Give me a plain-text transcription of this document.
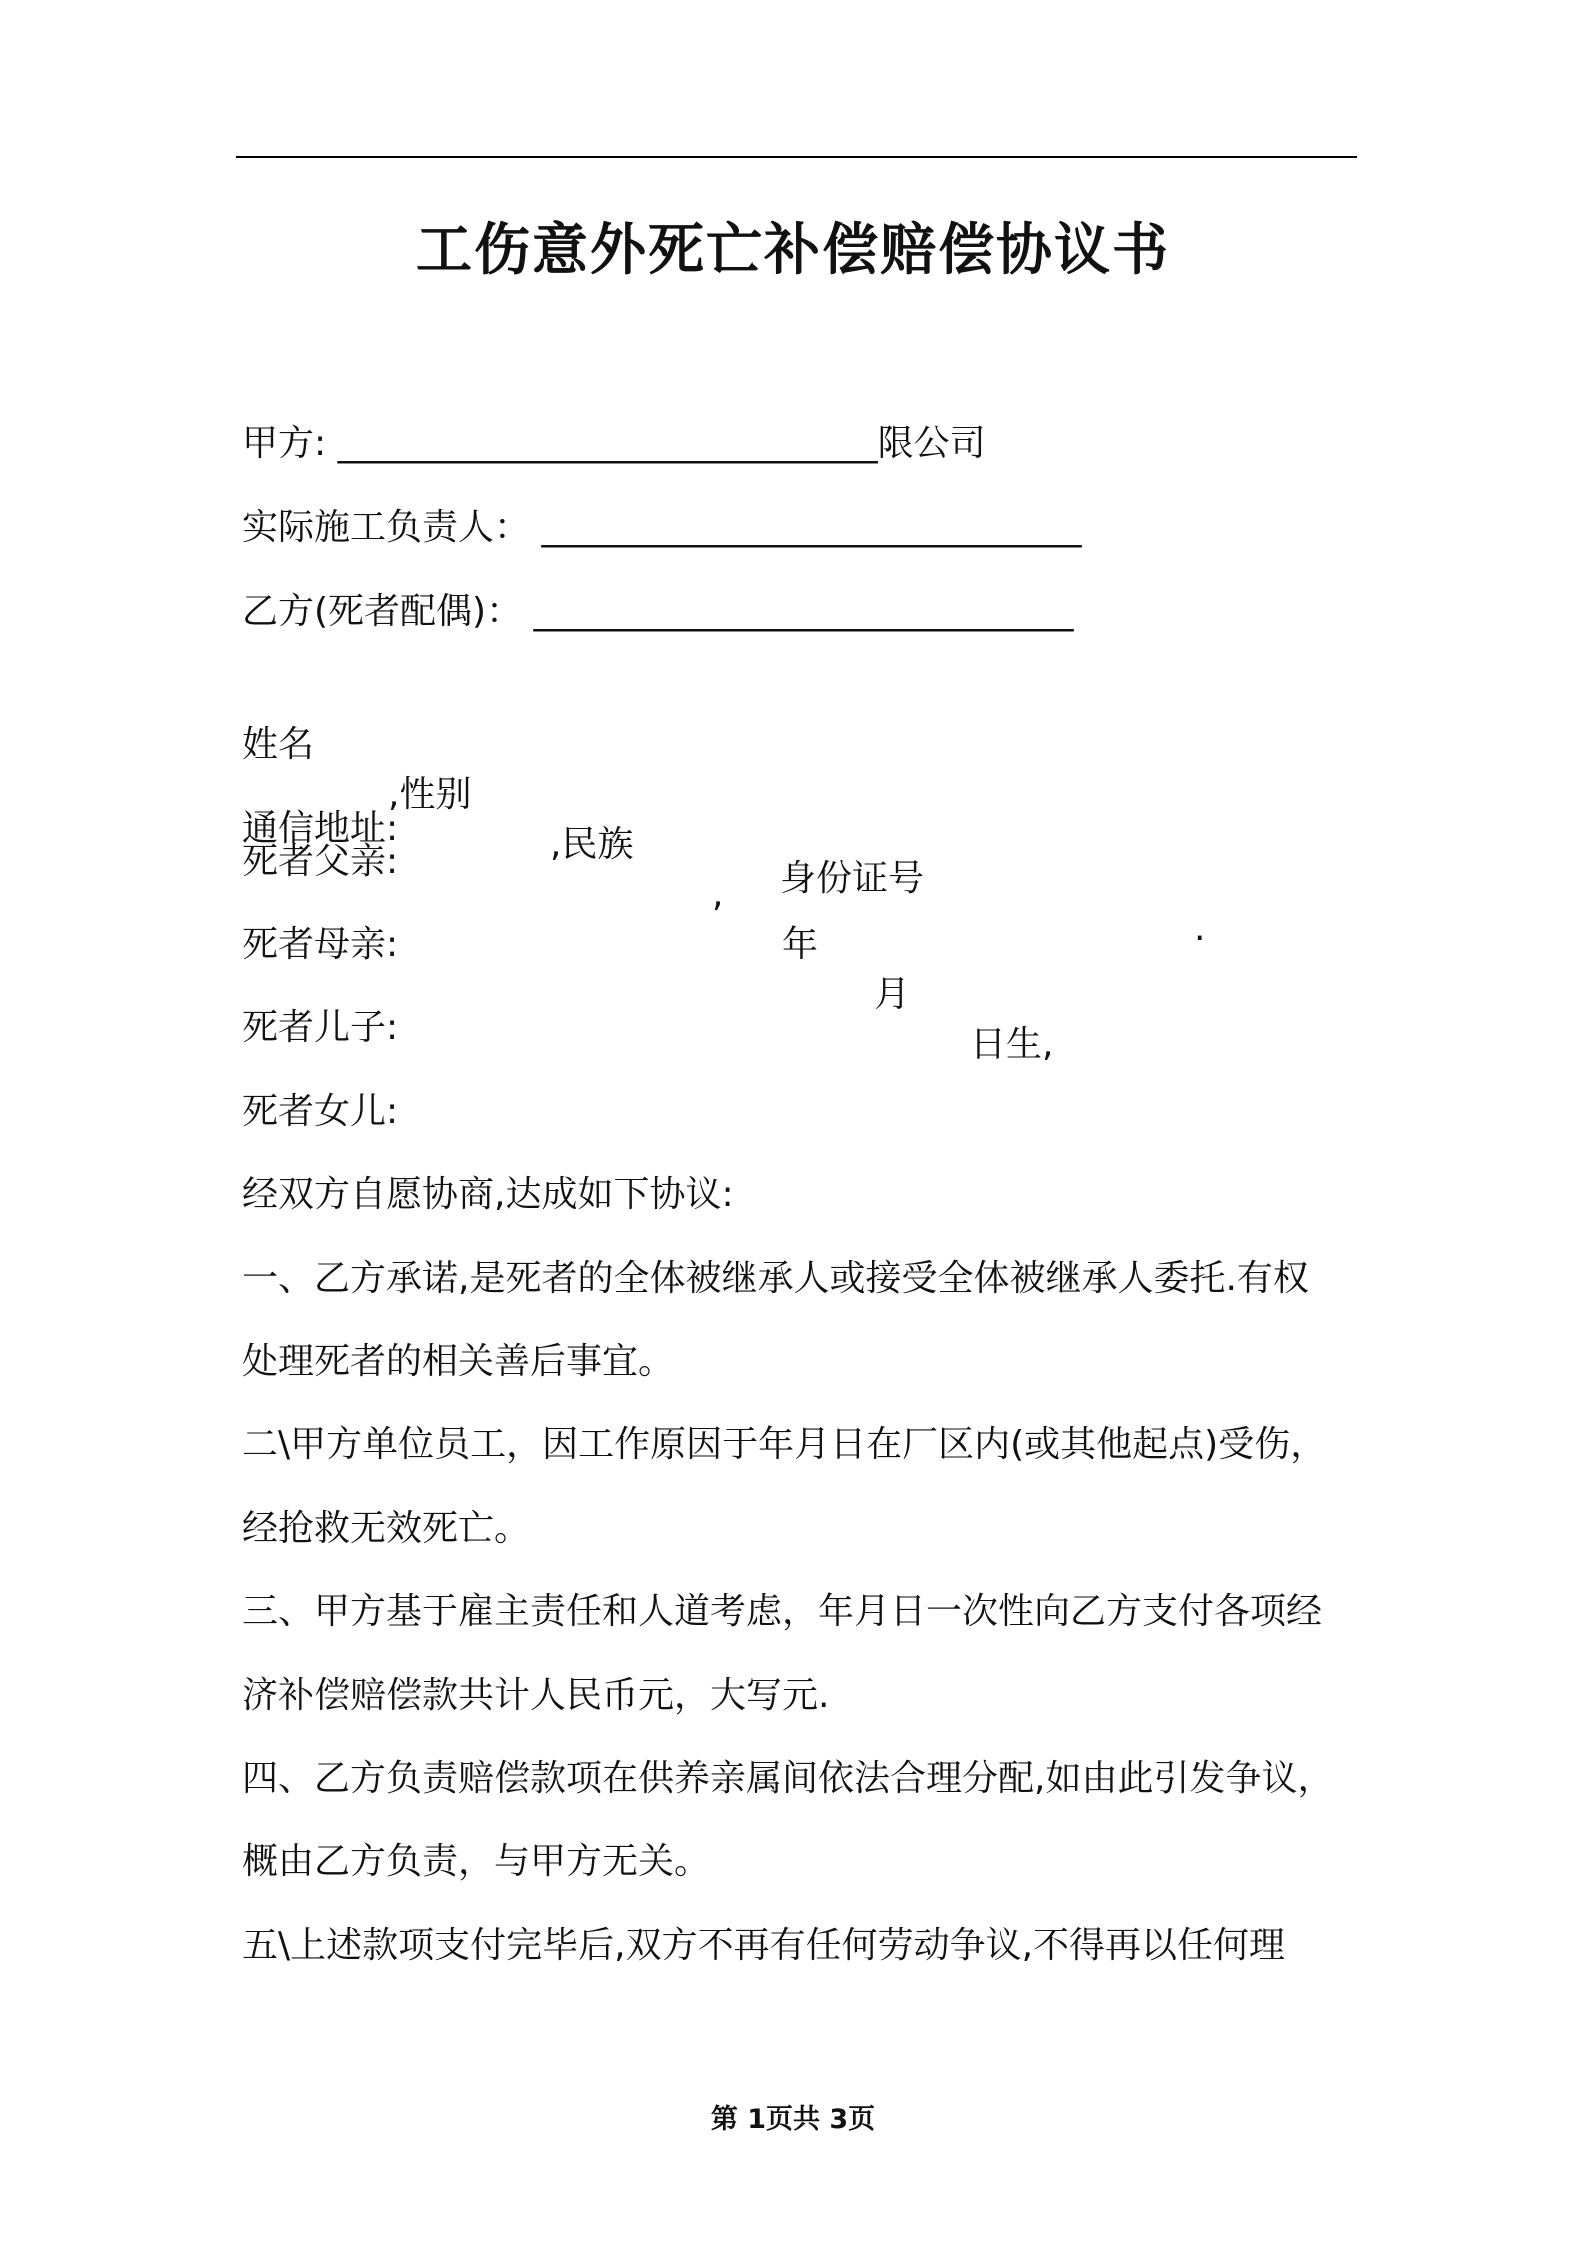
工伤意外死亡补偿赔偿协议书
甲方: ______________________________限公司
实际施工负责人： ______________________________
乙方(死者配偶)： ______________________________

姓名

,性别

,民族

,

年

月

日生,

通信地址:

身份证号

.

死者父亲:
死者母亲:
死者儿子:
死者女儿:
经双方自愿协商,达成如下协议:
一、乙方承诺,是死者的全体被继承人或接受全体被继承人委托.有权
处理死者的相关善后事宜。
二\甲方单位员工，因工作原因于年月日在厂区内(或其他起点)受伤，
经抢救无效死亡。
三、甲方基于雇主责任和人道考虑，年月日一次性向乙方支付各项经
济补偿赔偿款共计人民币元，大写元.
四、乙方负责赔偿款项在供养亲属间依法合理分配,如由此引发争议，
概由乙方负责，与甲方无关。
五\上述款项支付完毕后,双方不再有任何劳动争议,不得再以任何理
第 1页共 3页
